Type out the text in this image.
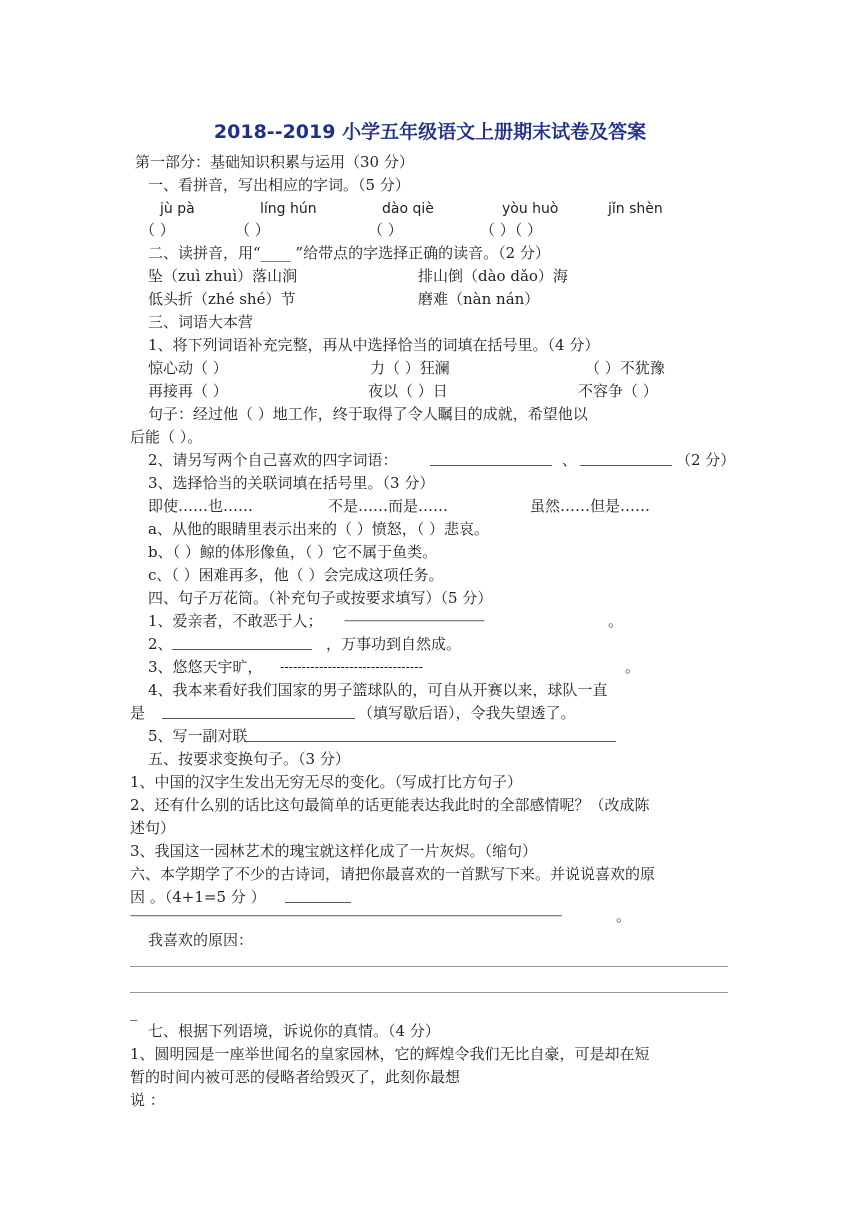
2018--2019 小学五年级语文上册期末试卷及答案
第一部分：基础知识积累与运用（30 分）
一、看拼音，写出相应的字词。（5 分）
jù pà	líng hún	dào qiè	yòu huò	jǐn shèn
（ ）	（ ）	（ ）	（ ）（ ）
二、读拼音，用“____ ”给带点的字选择正确的读音。（2 分）
坠（zuì zhuì）落山涧	排山倒（dào dǎo）海
低头折（zhé shé）节	磨难（nàn nán）
三、词语大本营
1、将下列词语补充完整，再从中选择恰当的词填在括号里。（4 分）
惊心动（ ）	力（ ）狂澜	（ ）不犹豫
再接再（ ）	夜以（ ）日	不容争（ ）
句子：经过他（ ）地工作，终于取得了令人瞩目的成就，希望他以
后能（ ）。
2、请另写两个自己喜欢的四字词语：	、	（2 分）
3、选择恰当的关联词填在括号里。（3 分）
即使……也……	不是……而是……	虽然……但是……
a、从他的眼睛里表示出来的（ ）愤怒，（ ）悲哀。
b、（ ）鲸的体形像鱼，（ ）它不属于鱼类。
c、（ ）困难再多，他（ ）会完成这项任务。
四、句子万花筒。（补充句子或按要求填写）（5 分）
1、爱亲者，不敢恶于人； ——————————————	。
2、	，万事功到自然成。
3、悠悠天宇旷， ---------------------------------	。
4、我本来看好我们国家的男子篮球队的，可自从开赛以来，球队一直
是	（填写歇后语），令我失望透了。
5、写一副对联
五、按要求变换句子。（3 分）
1、中国的汉字生发出无穷无尽的变化。（写成打比方句子）
2、还有什么别的话比这句最简单的话更能表达我此时的全部感情呢？（改成陈
述句）
3、我国这一园林艺术的瑰宝就这样化成了一片灰烬。（缩句）
六、本学期学了不少的古诗词，请把你最喜欢的一首默写下来。并说说喜欢的原
因 。（4+1=5 分 ）
————————————————————————————————————————————	。
我喜欢的原因：
_
七、根据下列语境，诉说你的真情。（4 分）
1、圆明园是一座举世闻名的皇家园林，它的辉煌令我们无比自豪，可是却在短
暂的时间内被可恶的侵略者给毁灭了，此刻你最想
说 ：
